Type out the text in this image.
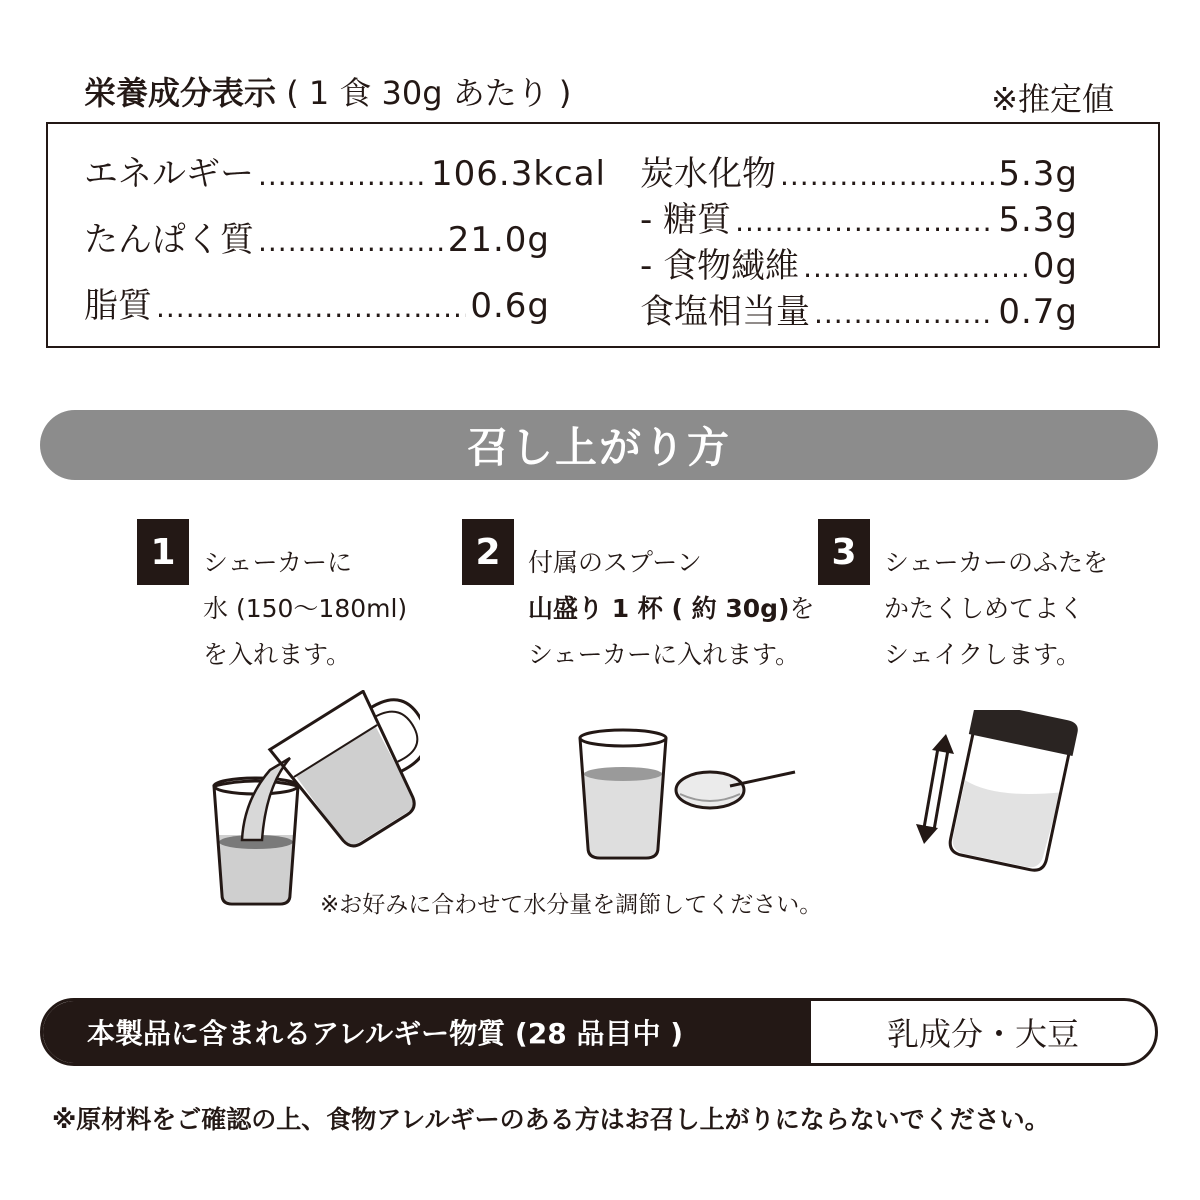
栄養成分表示 ( 1 食 30g あたり )	※推定値
エネルギー .....	106.3kcal
たんぱく質 .....	21.0g
脂質 .....	0.6g
炭水化物 .....	5.3g
- 糖質 .....	5.3g
- 食物繊維 .....	0g
食塩相当量 .....	0.7g
召し上がり方
1	シェーカーに
水 (150〜180ml)
を入れます。
2	付属のスプーン
山盛り 1 杯 ( 約 30g)を
シェーカーに入れます。
3	シェーカーのふたを
かたくしめてよく
シェイクします。
※お好みに合わせて水分量を調節してください。
本製品に含まれるアレルギー物質 (28 品目中 )	乳成分・大豆
※原材料をご確認の上、食物アレルギーのある方はお召し上がりにならないでください。
